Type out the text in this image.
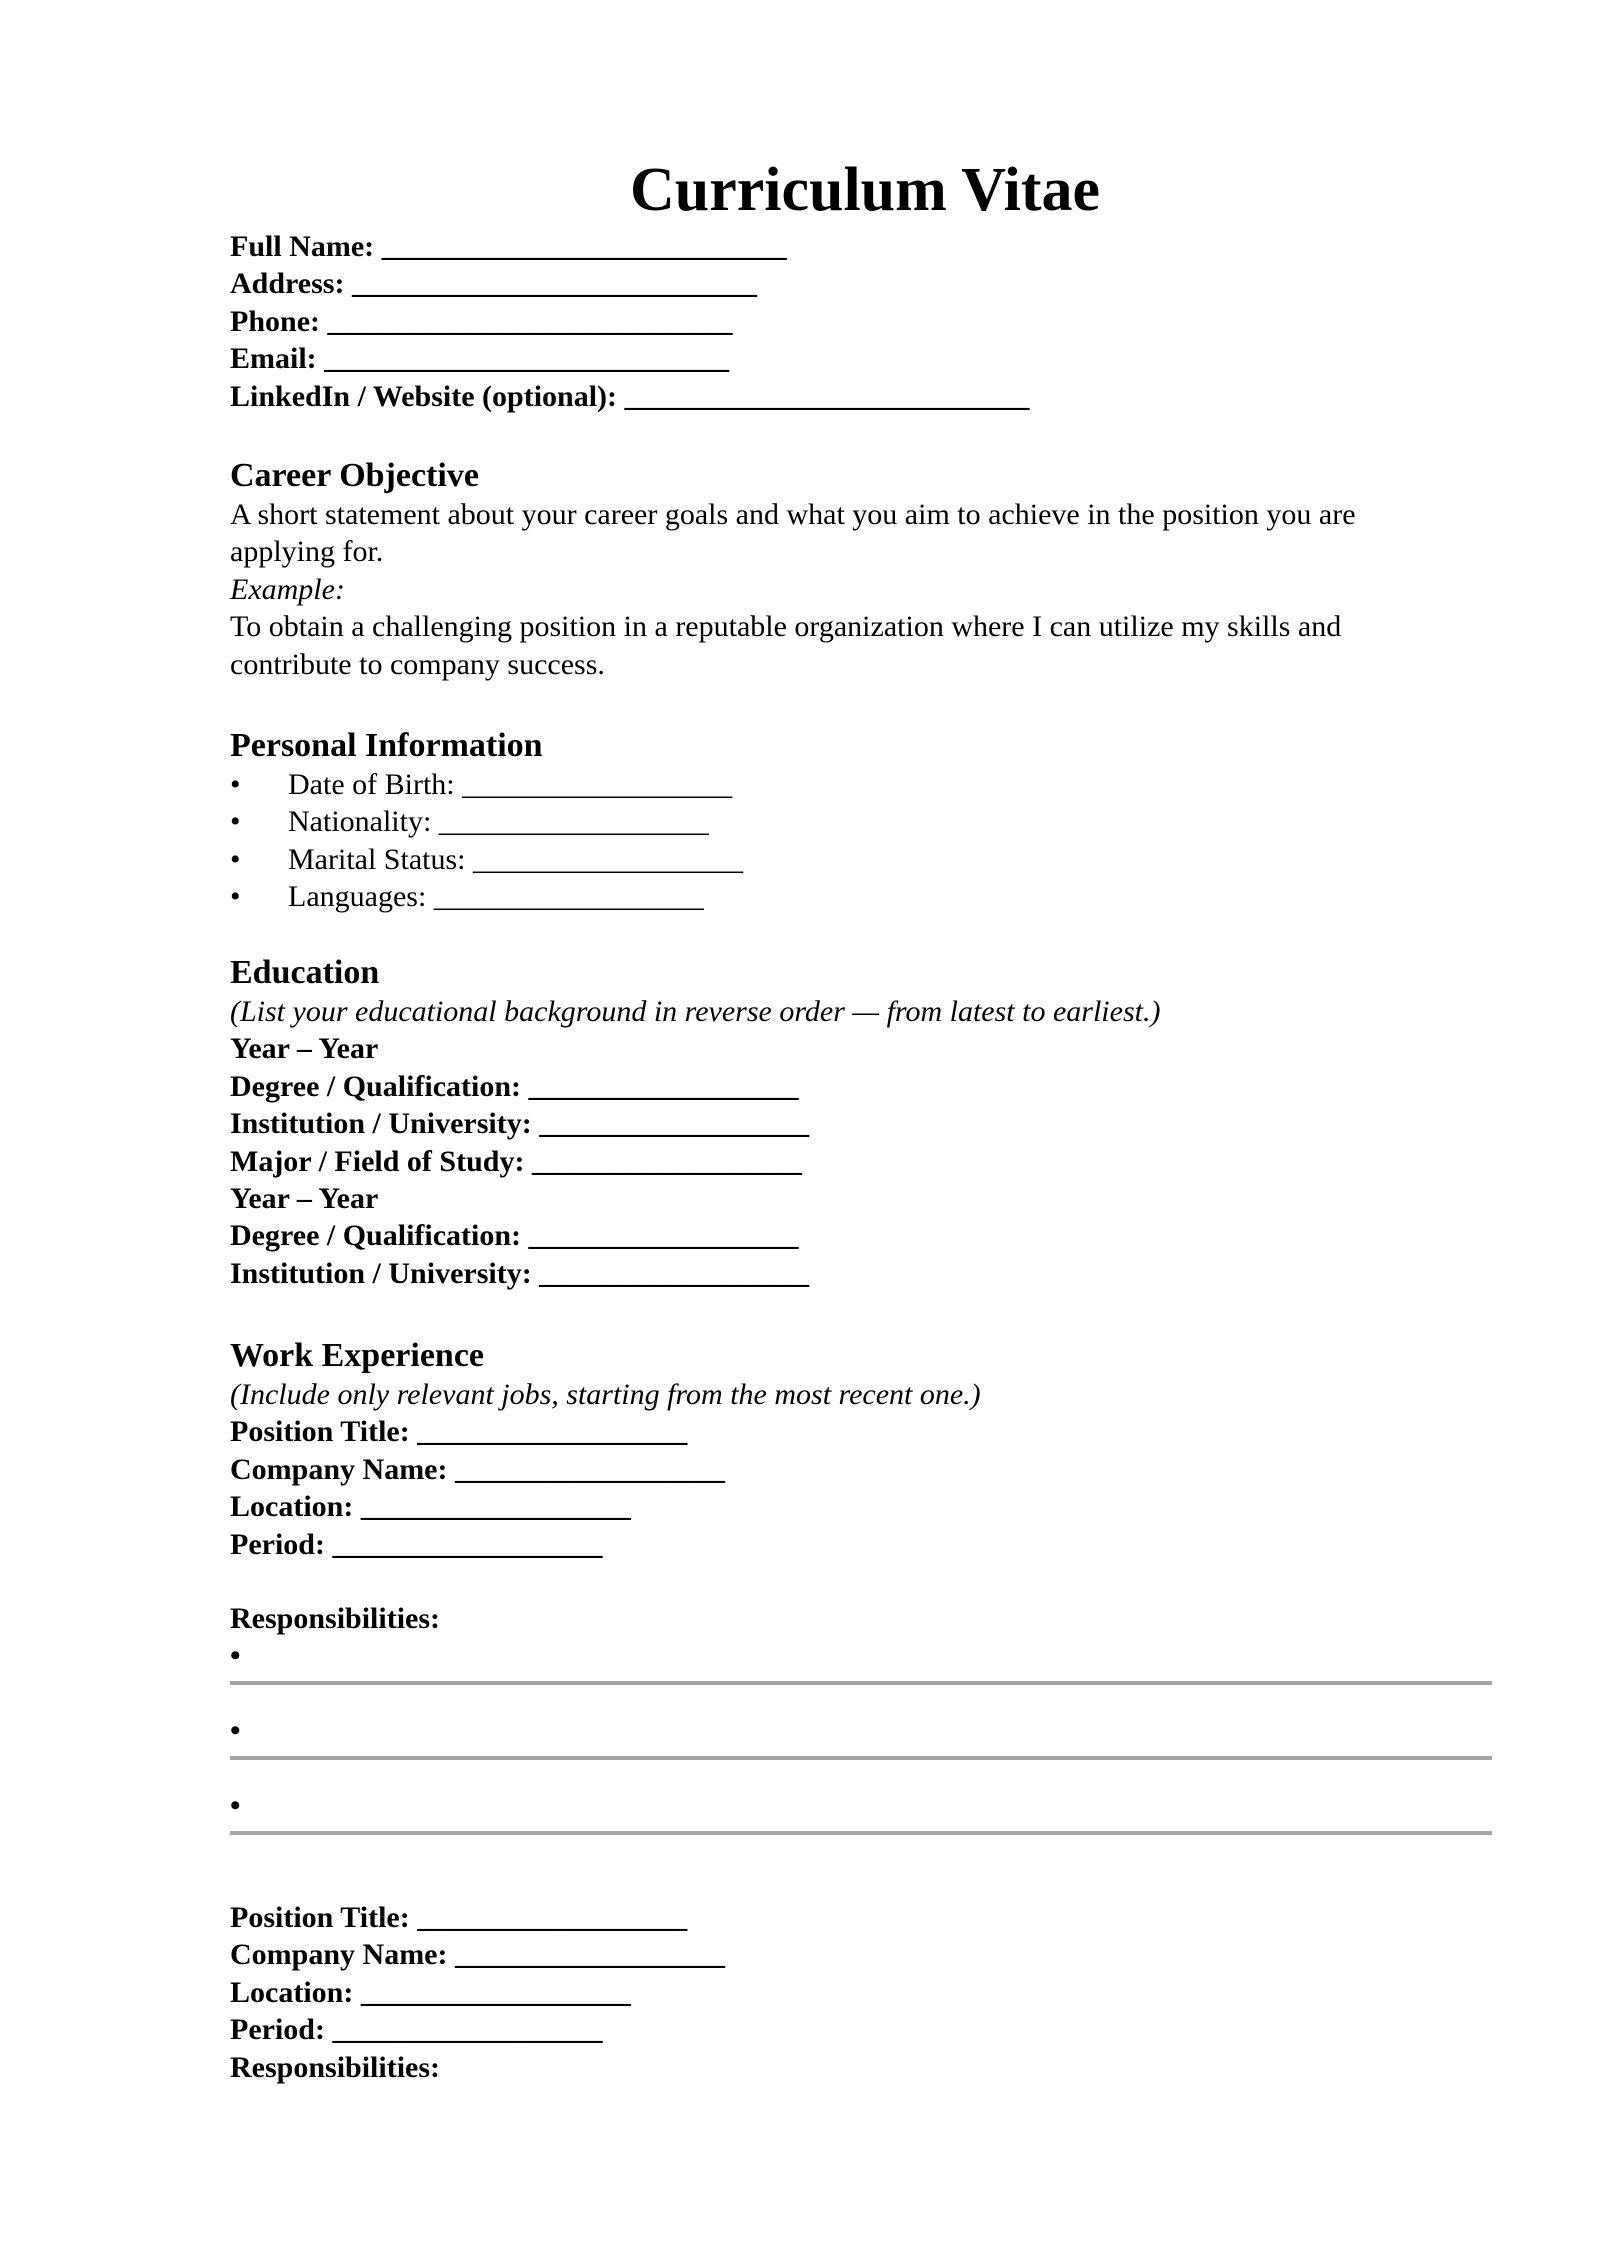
Curriculum Vitae

Full Name: ___________________________

Address: ___________________________

Phone: ___________________________

Email: ___________________________

LinkedIn / Website (optional): ___________________________

Career Objective

A short statement about your career goals and what you aim to achieve in the position you are

applying for.

Example:

To obtain a challenging position in a reputable organization where I can utilize my skills and

contribute to company success.

Personal Information

• Date of Birth: __________________

• Nationality: __________________

• Marital Status: __________________

• Languages: __________________

Education

(List your educational background in reverse order — from latest to earliest.)

Year – Year

Degree / Qualification: __________________

Institution / University: __________________

Major / Field of Study: __________________

Year – Year

Degree / Qualification: __________________

Institution / University: __________________

Work Experience

(Include only relevant jobs, starting from the most recent one.)

Position Title: __________________

Company Name: __________________

Location: __________________

Period: __________________

Responsibilities:

•
•
•

Position Title: __________________

Company Name: __________________

Location: __________________

Period: __________________

Responsibilities:
